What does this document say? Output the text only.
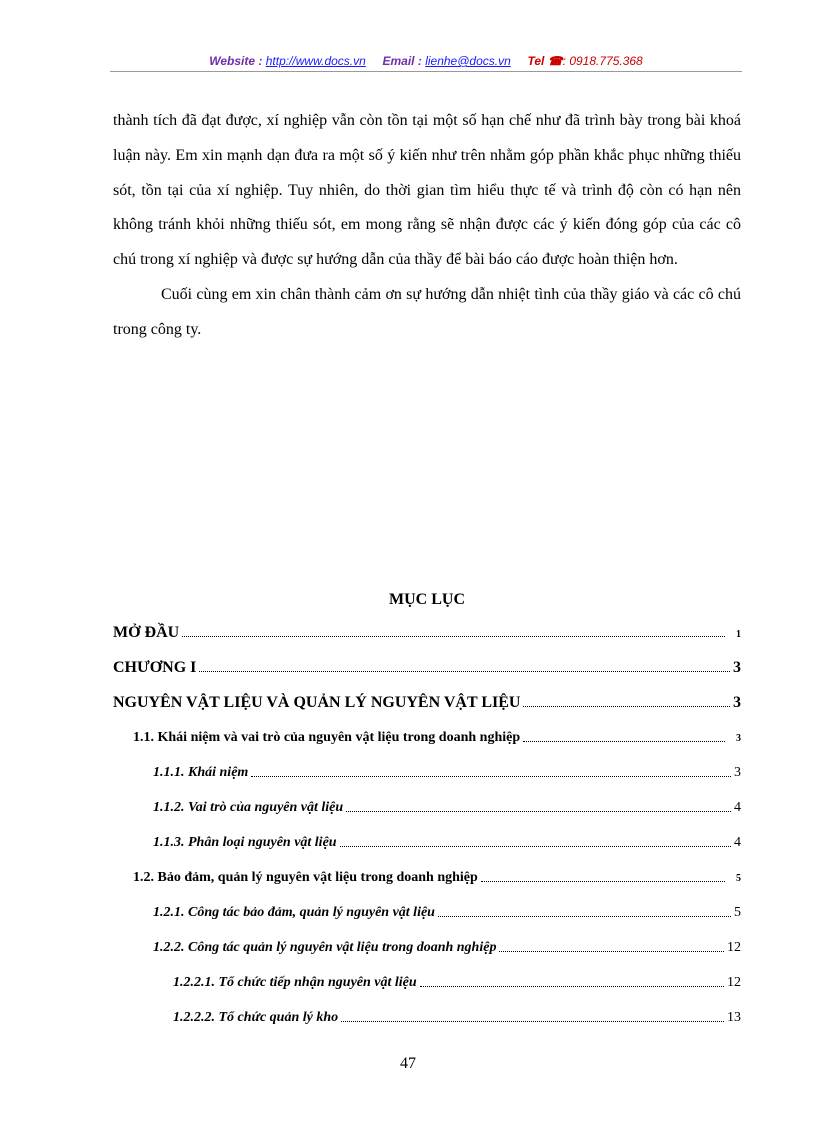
Website : http://www.docs.vn Email : lienhe@docs.vn Tel ☎: 0918.775.368

thành tích đã đạt được, xí nghiệp vẫn còn tồn tại một số hạn chế như đã trình bày trong bài khoá luận này. Em xin mạnh dạn đưa ra một số ý kiến như trên nhằm góp phần khắc phục những thiếu sót, tồn tại của xí nghiệp. Tuy nhiên, do thời gian tìm hiểu thực tế và trình độ còn có hạn nên không tránh khỏi những thiếu sót, em mong rằng sẽ nhận được các ý kiến đóng góp của các cô chú trong xí nghiệp và được sự hướng dẫn của thầy để bài báo cáo được hoàn thiện hơn.

Cuối cùng em xin chân thành cảm ơn sự hướng dẫn nhiệt tình của thầy giáo và các cô chú trong công ty.

MỤC LỤC
MỞ ĐẦU	1
CHƯƠNG I	3
NGUYÊN VẬT LIỆU VÀ QUẢN LÝ NGUYÊN VẬT LIỆU	3
1.1. Khái niệm và vai trò của nguyên vật liệu trong doanh nghiệp	3
1.1.1. Khái niệm	3
1.1.2. Vai trò của nguyên vật liệu	4
1.1.3. Phân loại nguyên vật liệu	4
1.2. Bảo đảm, quản lý nguyên vật liệu trong doanh nghiệp	5
1.2.1. Công tác bảo đảm, quản lý nguyên vật liệu	5
1.2.2. Công tác quản lý nguyên vật liệu trong doanh nghiệp	12
1.2.2.1. Tổ chức tiếp nhận nguyên vật liệu	12
1.2.2.2. Tổ chức quản lý kho	13
47
